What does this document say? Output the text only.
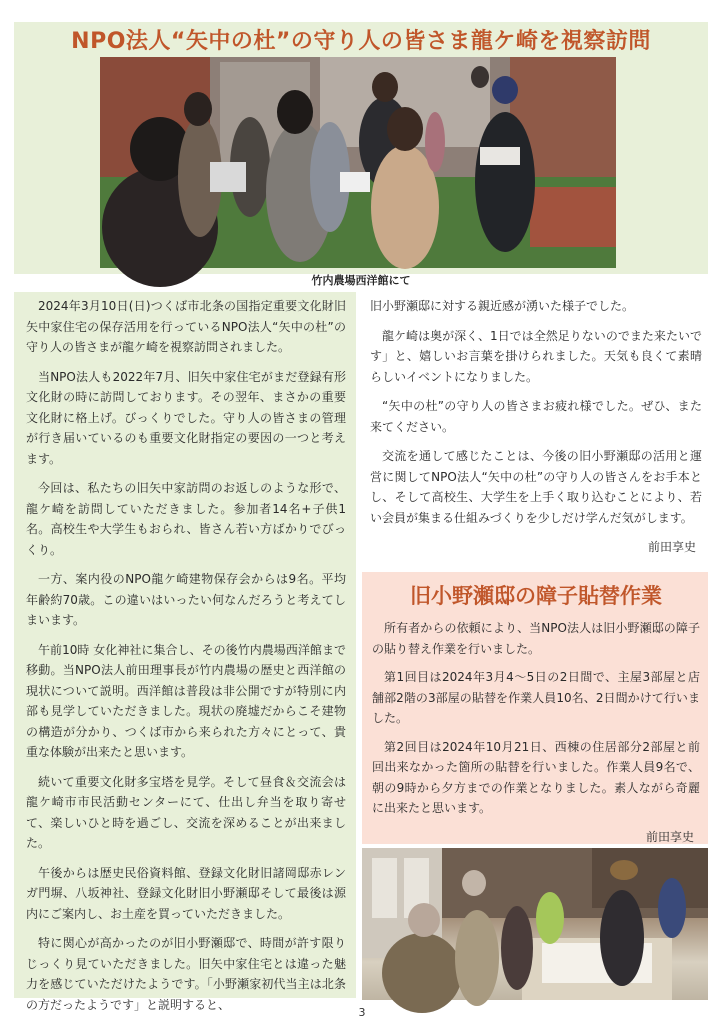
NPO法人“矢中の杜”の守り人の皆さま龍ケ崎を視察訪問
竹内農場西洋館にて

2024年3月10日(日)つくば市北条の国指定重要文化財旧矢中家住宅の保存活用を行っているNPO法人“矢中の杜”の守り人の皆さまが龍ケ崎を視察訪問されました。

当NPO法人も2022年7月、旧矢中家住宅がまだ登録有形文化財の時に訪問しております。その翌年、まさかの重要文化財に格上げ。びっくりでした。守り人の皆さまの管理が行き届いているのも重要文化財指定の要因の一つと考えます。

今回は、私たちの旧矢中家訪問のお返しのような形で、龍ケ崎を訪問していただきました。参加者14名+子供1名。高校生や大学生もおられ、皆さん若い方ばかりでびっくり。

一方、案内役のNPO龍ケ崎建物保存会からは9名。平均年齢約70歳。この違いはいったい何なんだろうと考えてしまいます。

午前10時 女化神社に集合し、その後竹内農場西洋館まで移動。当NPO法人前田理事長が竹内農場の歴史と西洋館の現状について説明。西洋館は普段は非公開ですが特別に内部も見学していただきました。現状の廃墟だからこそ建物の構造が分かり、つくば市から来られた方々にとって、貴重な体験が出来たと思います。

続いて重要文化財多宝塔を見学。そして昼食＆交流会は龍ケ崎市市民活動センターにて、仕出し弁当を取り寄せて、楽しいひと時を過ごし、交流を深めることが出来ました。

午後からは歴史民俗資料館、登録文化財旧諸岡邸赤レンガ門塀、八坂神社、登録文化財旧小野瀬邸そして最後は源内にご案内し、お土産を買っていただきました。

特に関心が高かったのが旧小野瀬邸で、時間が許す限りじっくり見ていただきました。旧矢中家住宅とは違った魅力を感じていただけたようです。「小野瀬家初代当主は北条の方だったようです」と説明すると、

旧小野瀬邸に対する親近感が湧いた様子でした。

龍ケ崎は奥が深く、1日では全然足りないのでまた来たいです」と、嬉しいお言葉を掛けられました。天気も良くて素晴らしいイベントになりました。

“矢中の杜”の守り人の皆さまお疲れ様でした。ぜひ、また来てください。

交流を通して感じたことは、今後の旧小野瀬邸の活用と運営に関してNPO法人“矢中の杜”の守り人の皆さんをお手本とし、そして高校生、大学生を上手く取り込むことにより、若い会員が集まる仕組みづくりを少しだけ学んだ気がします。

前田享史

旧小野瀬邸の障子貼替作業

所有者からの依頼により、当NPO法人は旧小野瀬邸の障子の貼り替え作業を行いました。

第1回目は2024年3月4～5日の2日間で、主屋3部屋と店舗部2階の3部屋の貼替を作業人員10名、2日間かけて行いました。

第2回目は2024年10月21日、西棟の住居部分2部屋と前回出来なかった箇所の貼替を行いました。作業人員9名で、朝の9時から夕方までの作業となりました。素人ながら奇麗に出来たと思います。

前田享史

3
